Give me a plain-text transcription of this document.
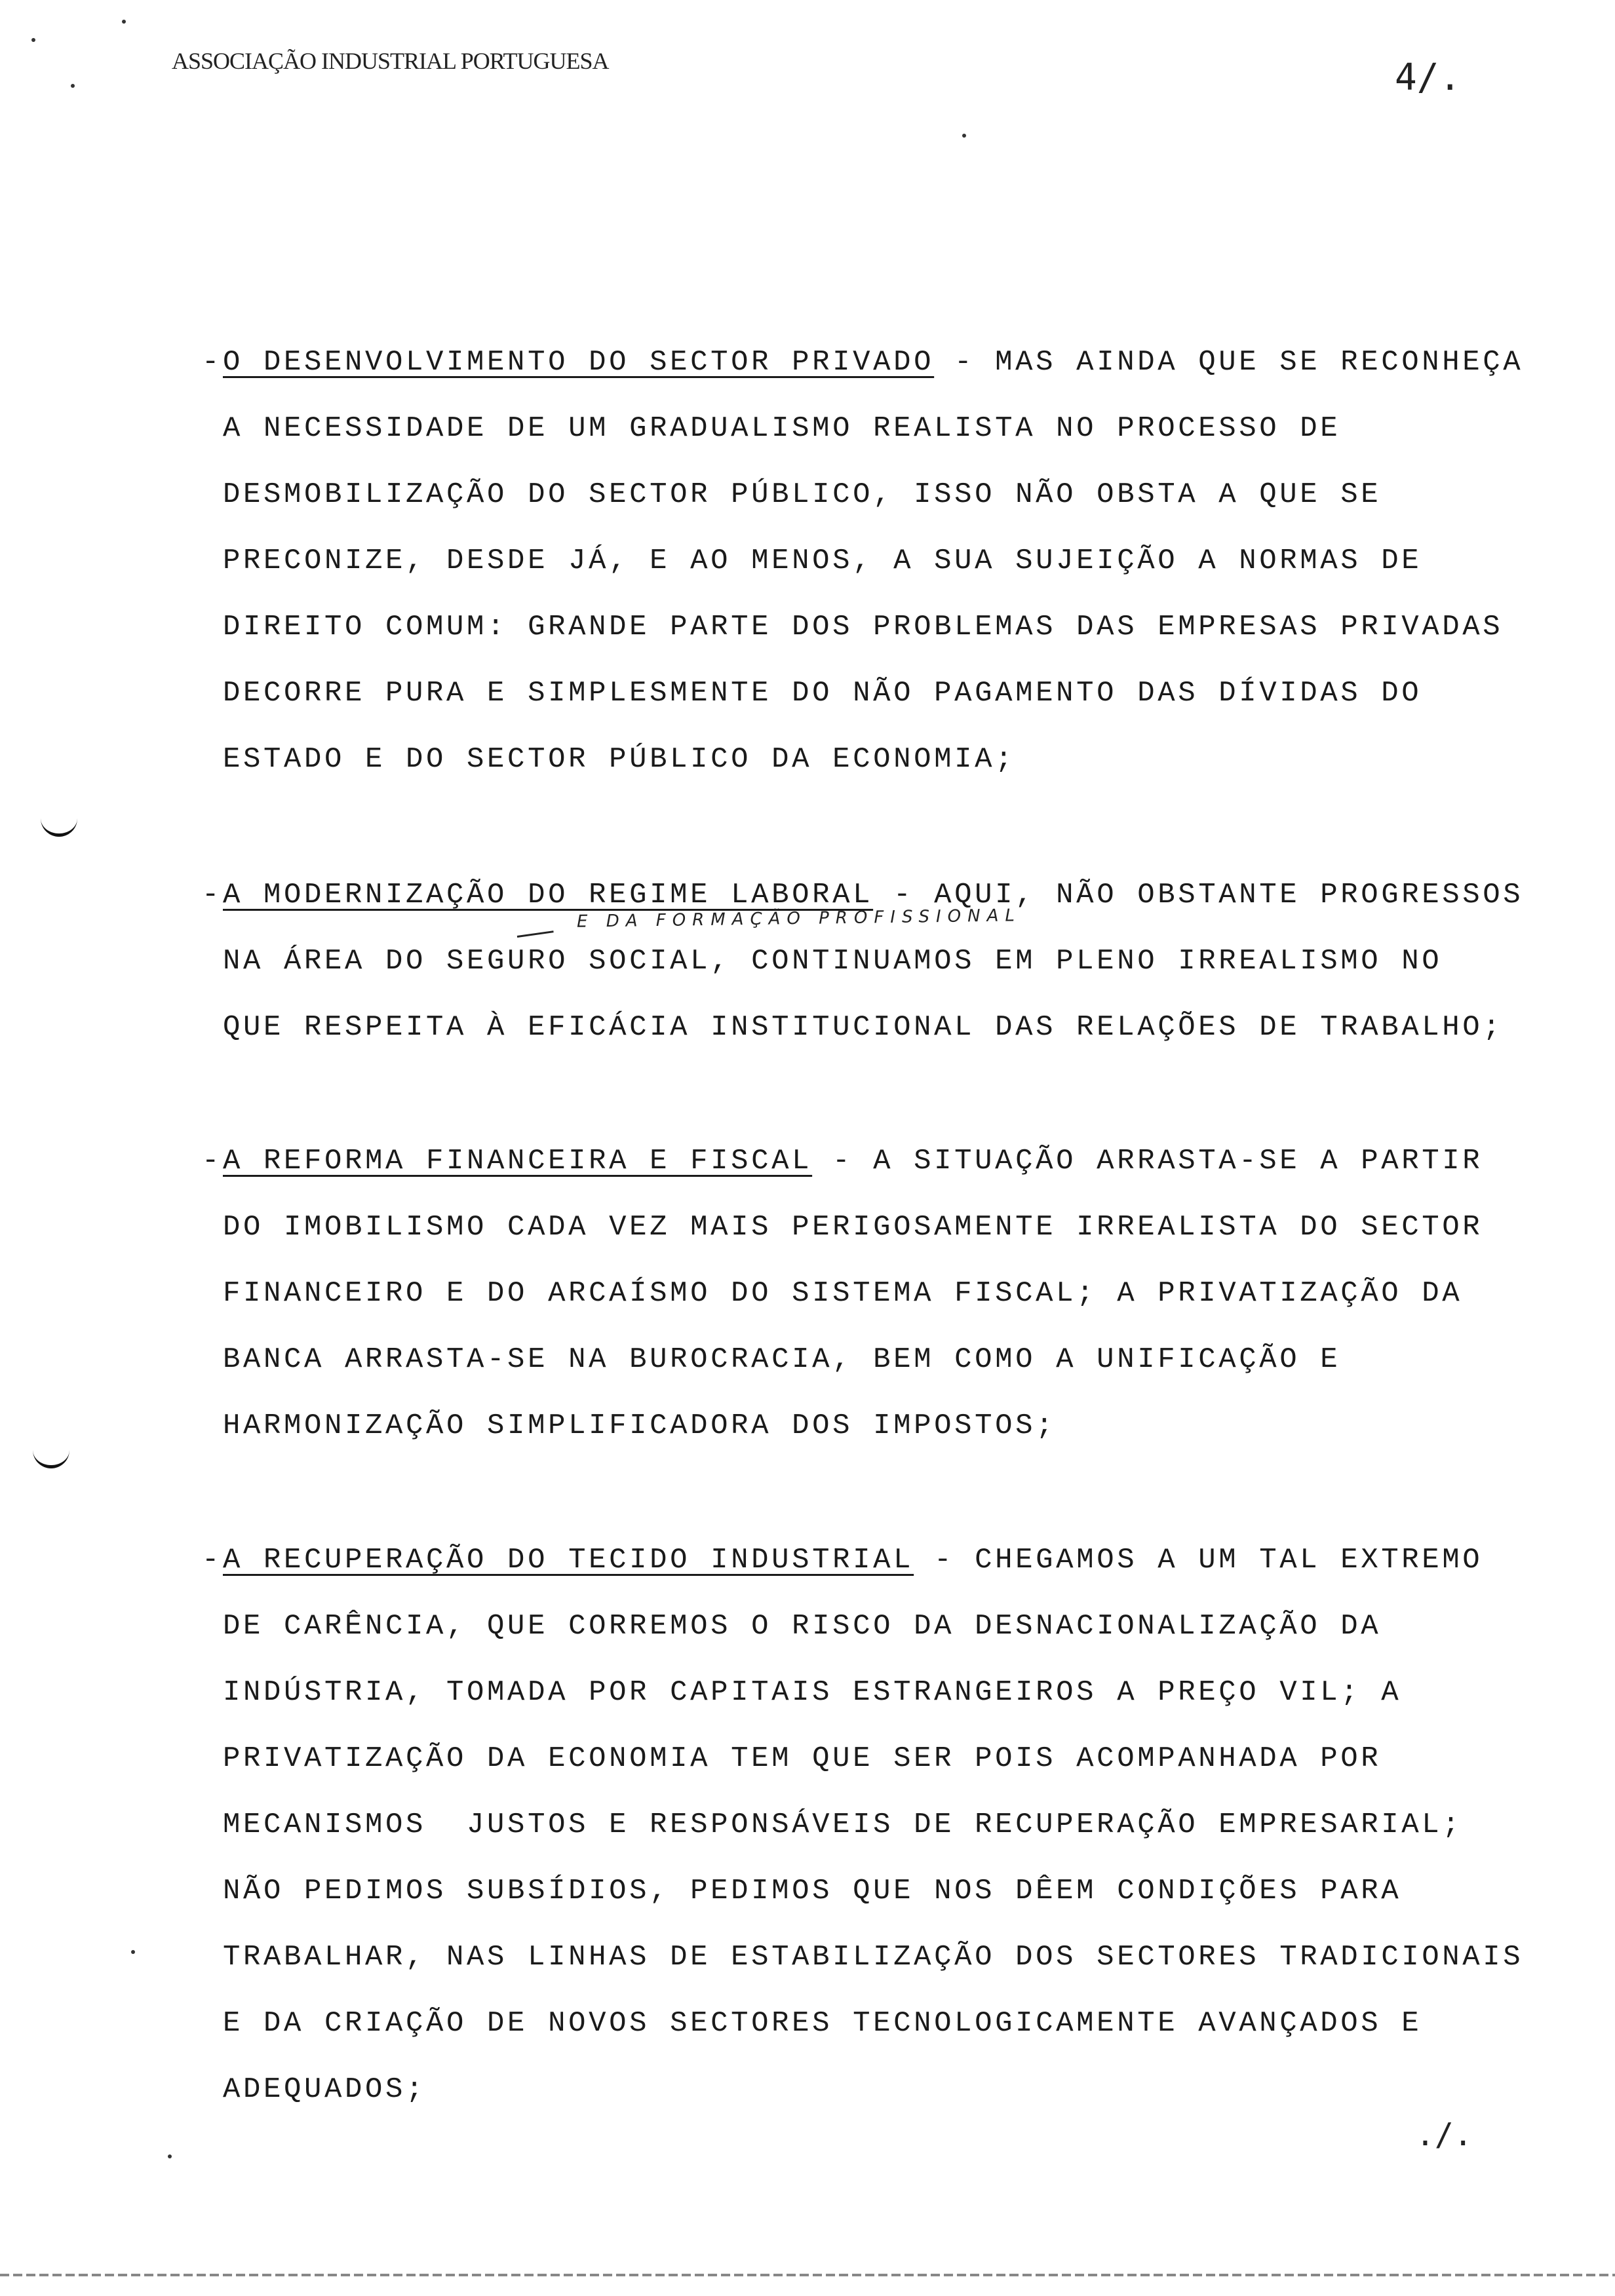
ASSOCIAÇÃO INDUSTRIAL PORTUGUESA	4/.
- O DESENVOLVIMENTO DO SECTOR PRIVADO - MAS AINDA QUE SE RECONHEÇA
A NECESSIDADE DE UM GRADUALISMO REALISTA NO PROCESSO DE
DESMOBILIZAÇÃO DO SECTOR PÚBLICO, ISSO NÃO OBSTA A QUE SE
PRECONIZE, DESDE JÁ, E AO MENOS, A SUA SUJEIÇÃO A NORMAS DE
DIREITO COMUM: GRANDE PARTE DOS PROBLEMAS DAS EMPRESAS PRIVADAS
DECORRE PURA E SIMPLESMENTE DO NÃO PAGAMENTO DAS DÍVIDAS DO
ESTADO E DO SECTOR PÚBLICO DA ECONOMIA;
- A MODERNIZAÇÃO DO REGIME LABORAL - AQUI, NÃO OBSTANTE PROGRESSOS
NA ÁREA DO SEGURO SOCIAL, CONTINUAMOS EM PLENO IRREALISMO NO
QUE RESPEITA À EFICÁCIA INSTITUCIONAL DAS RELAÇÕES DE TRABALHO;
E DA FORMAÇÃO PROFISSIONAL
- A REFORMA FINANCEIRA E FISCAL - A SITUAÇÃO ARRASTA-SE A PARTIR
DO IMOBILISMO CADA VEZ MAIS PERIGOSAMENTE IRREALISTA DO SECTOR
FINANCEIRO E DO ARCAÍSMO DO SISTEMA FISCAL; A PRIVATIZAÇÃO DA
BANCA ARRASTA-SE NA BUROCRACIA, BEM COMO A UNIFICAÇÃO E
HARMONIZAÇÃO SIMPLIFICADORA DOS IMPOSTOS;
- A RECUPERAÇÃO DO TECIDO INDUSTRIAL - CHEGAMOS A UM TAL EXTREMO
DE CARÊNCIA, QUE CORREMOS O RISCO DA DESNACIONALIZAÇÃO DA
INDÚSTRIA, TOMADA POR CAPITAIS ESTRANGEIROS A PREÇO VIL; A
PRIVATIZAÇÃO DA ECONOMIA TEM QUE SER POIS ACOMPANHADA POR
MECANISMOS  JUSTOS E RESPONSÁVEIS DE RECUPERAÇÃO EMPRESARIAL;
NÃO PEDIMOS SUBSÍDIOS, PEDIMOS QUE NOS DÊEM CONDIÇÕES PARA
TRABALHAR, NAS LINHAS DE ESTABILIZAÇÃO DOS SECTORES TRADICIONAIS
E DA CRIAÇÃO DE NOVOS SECTORES TECNOLOGICAMENTE AVANÇADOS E
ADEQUADOS;
./.
